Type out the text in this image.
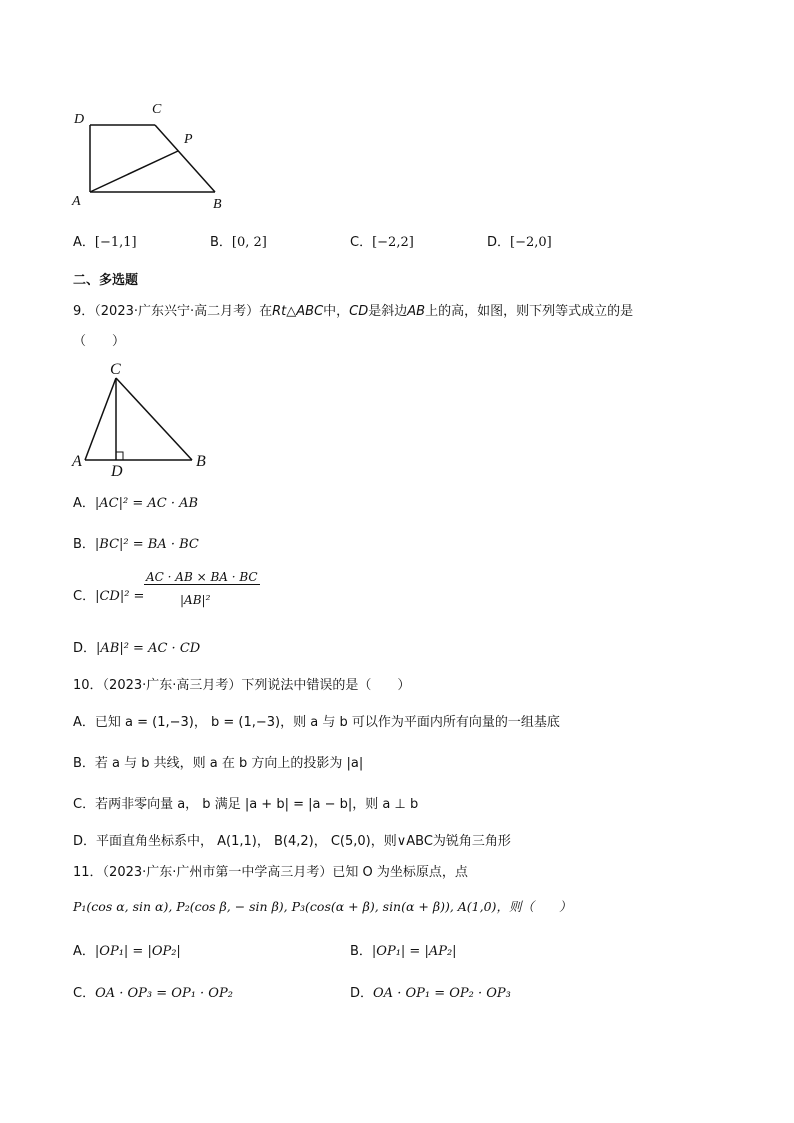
D
C
P
A	B
A．[−1,1]	B．[0, 2]	C．[−2,2]	D．[−2,0]
二、多选题
9．（2023·广东兴宁·高二月考）在Rt△ABC中，CD是斜边AB上的高，如图，则下列等式成立的是
（　　）
C
A
D
B
A．|AC|² = AC · AB
B．|BC|² = BA · BC
C．|CD|² =
AC · AB × BA · BC
|AB|²
D．|AB|² = AC · CD
10．（2023·广东·高三月考）下列说法中错误的是（　　）
A．已知 a = (1,−3)， b = (1,−3)，则 a 与 b 可以作为平面内所有向量的一组基底
B．若 a 与 b 共线，则 a 在 b 方向上的投影为 |a|
C．若两非零向量 a， b 满足 |a + b| = |a − b|，则 a ⊥ b
D．平面直角坐标系中， A(1,1)， B(4,2)， C(5,0)，则∨ABC为锐角三角形
11．（2023·广东·广州市第一中学高三月考）已知 O 为坐标原点，点
P₁(cos α, sin α), P₂(cos β, − sin β), P₃(cos(α + β), sin(α + β)), A(1,0)，则（　　）
A．|OP₁| = |OP₂|	B．|OP₁| = |AP₂|
C．OA · OP₃ = OP₁ · OP₂	D．OA · OP₁ = OP₂ · OP₃
